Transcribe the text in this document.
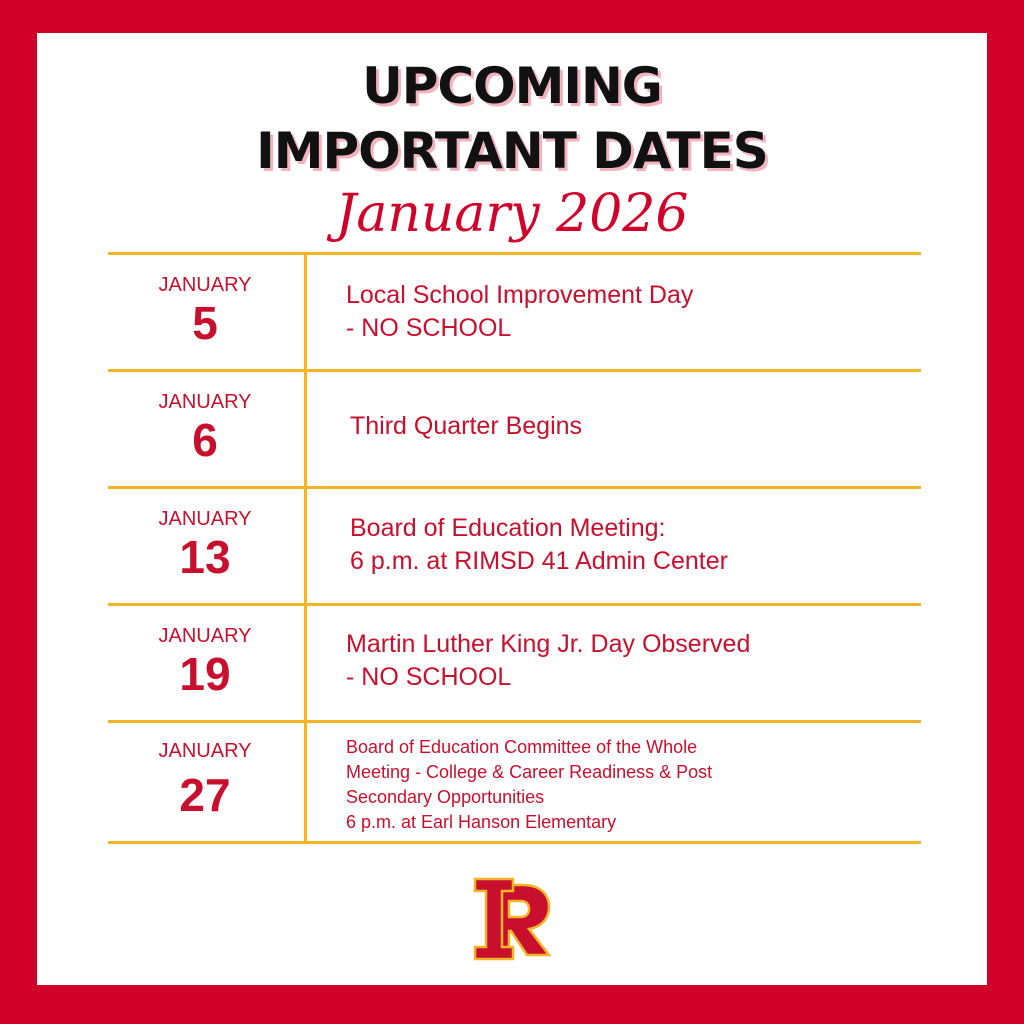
UPCOMING
IMPORTANT DATES
January 2026
JANUARY
5
Local School Improvement Day
- NO SCHOOL
JANUARY
6	Third Quarter Begins
JANUARY
13
Board of Education Meeting:
6 p.m. at RIMSD 41 Admin Center
JANUARY
19
Martin Luther King Jr. Day Observed
- NO SCHOOL
JANUARY
27
Board of Education Committee of the Whole
Meeting - College & Career Readiness & Post
Secondary Opportunities
6 p.m. at Earl Hanson Elementary
